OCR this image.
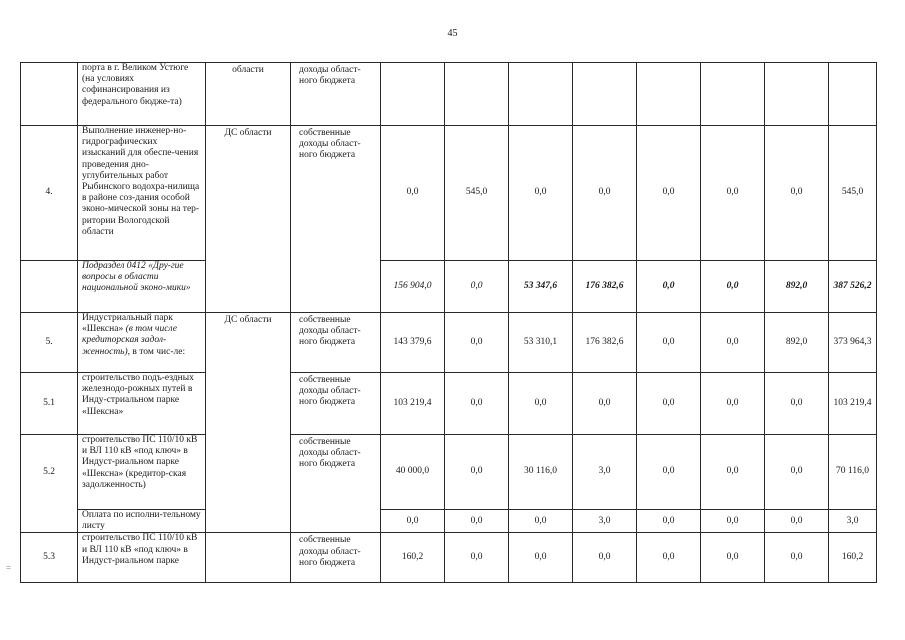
45
=
	порта в г. Великом Устюге (на условиях софинансирования из федерального бюдже-та)	области	доходы област-ного бюджета								
4.	Выполнение инженер-но-гидрографических изысканий для обеспе-чения проведения дно-углубительных работ Рыбинского водохра-нилища в районе соз-дания особой эконо-мической зоны на тер-ритории Вологодской области	ДС области	собственные доходы област-ного бюджета	0,0	545,0	0,0	0,0	0,0	0,0	0,0	545,0
	Подраздел 0412 «Дру-гие вопросы в области национальной эконо-мики»			156 904,0	0,0	53 347,6	176 382,6	0,0	0,0	892,0	387 526,2
5.	Индустриальный парк «Шексна» (в том числе кредиторская задол-женность), в том чис-ле:	ДС области	собственные доходы област-ного бюджета	143 379,6	0,0	53 310,1	176 382,6	0,0	0,0	892,0	373 964,3
5.1	строительство подъ-ездных железнодо-рожных путей в Инду-стриальном парке «Шексна»		собственные доходы област-ного бюджета	103 219,4	0,0	0,0	0,0	0,0	0,0	0,0	103 219,4
5.2	строительство ПС 110/10 кВ и ВЛ 110 кВ «под ключ» в Индуст-риальном парке «Шексна» (кредитор-ская задолженность)		собственные доходы област-ного бюджета	40 000,0	0,0	30 116,0	3,0	0,0	0,0	0,0	70 116,0
	Оплата по исполни-тельному листу			0,0	0,0	0,0	3,0	0,0	0,0	0,0	3,0
5.3	строительство ПС 110/10 кВ и ВЛ 110 кВ «под ключ» в Индуст-риальном парке		собственные доходы област-ного бюджета	160,2	0,0	0,0	0,0	0,0	0,0	0,0	160,2
